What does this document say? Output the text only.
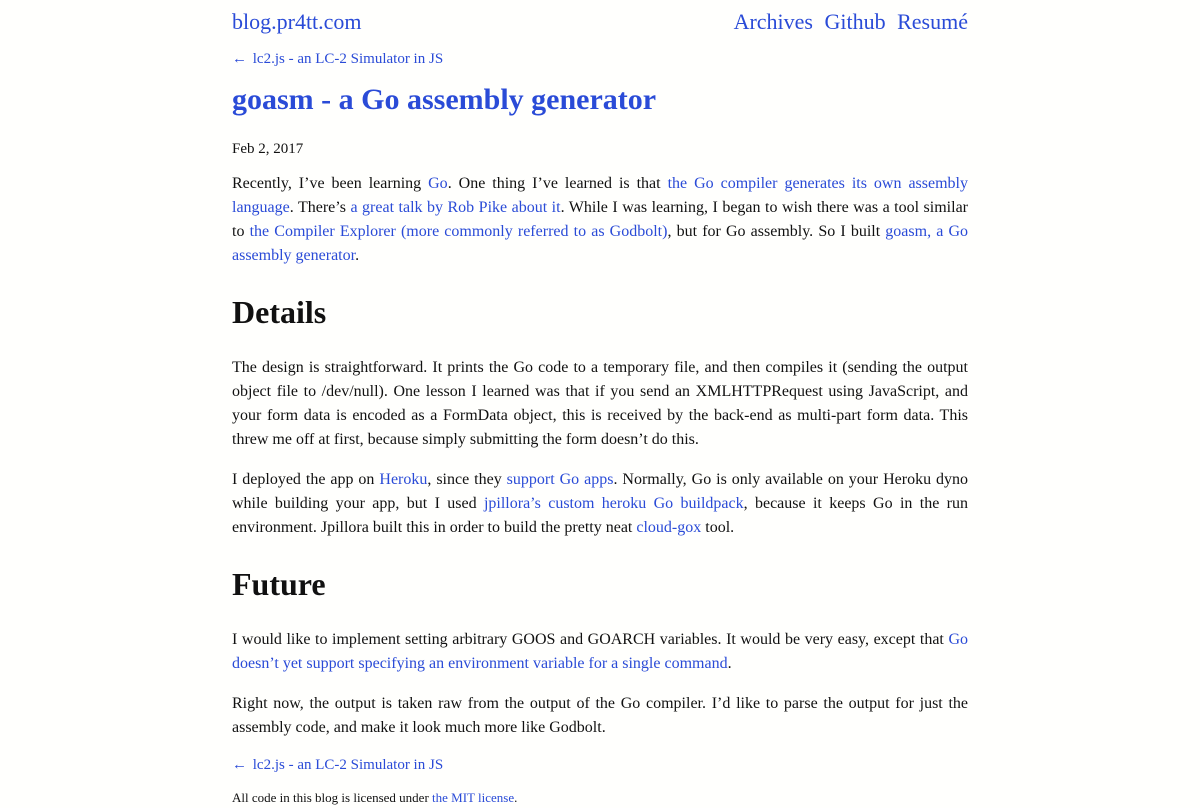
blog.pr4tt.com	Archives Github Resumé
← lc2.js - an LC-2 Simulator in JS
goasm - a Go assembly generator
Feb 2, 2017

Recently, I’ve been learning Go. One thing I’ve learned is that the Go compiler generates its own assembly language. There’s a great talk by Rob Pike about it. While I was learning, I began to wish there was a tool similar to the Compiler Explorer (more commonly referred to as Godbolt), but for Go assembly. So I built goasm, a Go assembly generator.

Details

The design is straightforward. It prints the Go code to a temporary file, and then compiles it (sending the output object file to /dev/null). One lesson I learned was that if you send an XMLHTTPRequest using JavaScript, and your form data is encoded as a FormData object, this is received by the back-end as multi-part form data. This threw me off at first, because simply submitting the form doesn’t do this.

I deployed the app on Heroku, since they support Go apps. Normally, Go is only available on your Heroku dyno while building your app, but I used jpillora’s custom heroku Go buildpack, because it keeps Go in the run environment. Jpillora built this in order to build the pretty neat cloud-gox tool.

Future

I would like to implement setting arbitrary GOOS and GOARCH variables. It would be very easy, except that Go doesn’t yet support specifying an environment variable for a single command.

Right now, the output is taken raw from the output of the Go compiler. I’d like to parse the output for just the assembly code, and make it look much more like Godbolt.

← lc2.js - an LC-2 Simulator in JS
All code in this blog is licensed under the MIT license.
